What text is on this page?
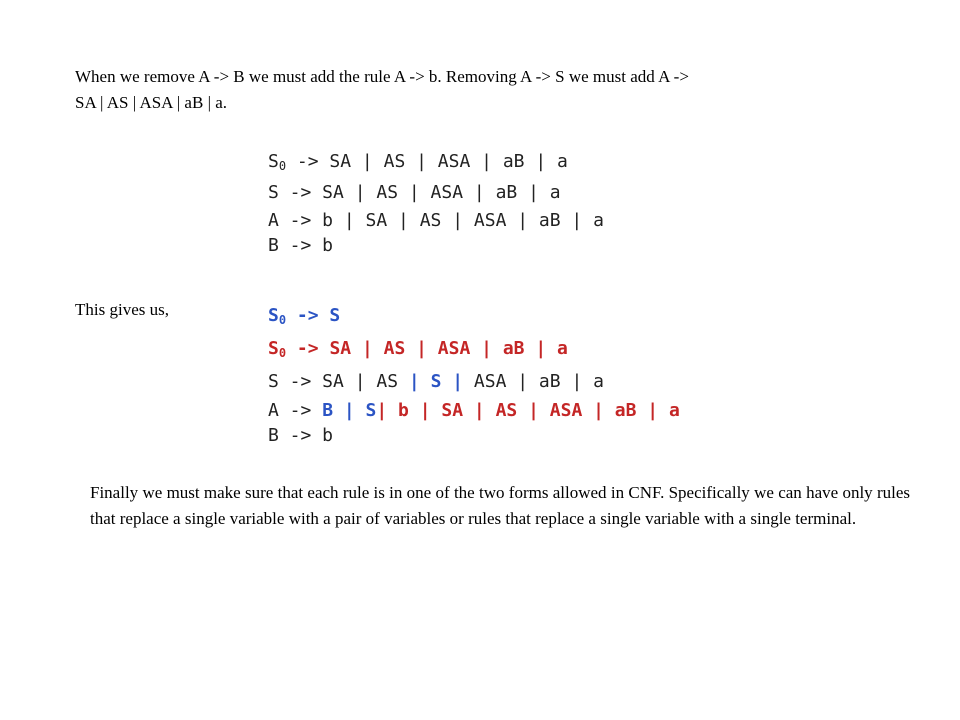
When we remove A -> B we must add the rule A -> b. Removing A -> S we must add A ->
SA | AS | ASA | aB | a.
$S_0$ -> SA | AS | ASA | aB | a
S -> SA | AS | ASA | aB | a
A -> b | SA | AS | ASA | aB | a
B -> b
This gives us,	$S_0 -> S$
$S_0$ -> SA | AS | ASA | aB | a
S -> SA | AS | S | ASA | aB | a
A -> B | S| b | SA | AS | ASA | aB | a
B -> b
Finally we must make sure that each rule is in one of the two forms allowed in CNF. Specifically we can have only rules that replace a single variable with a pair of variables or rules that replace a single variable with a single terminal.
